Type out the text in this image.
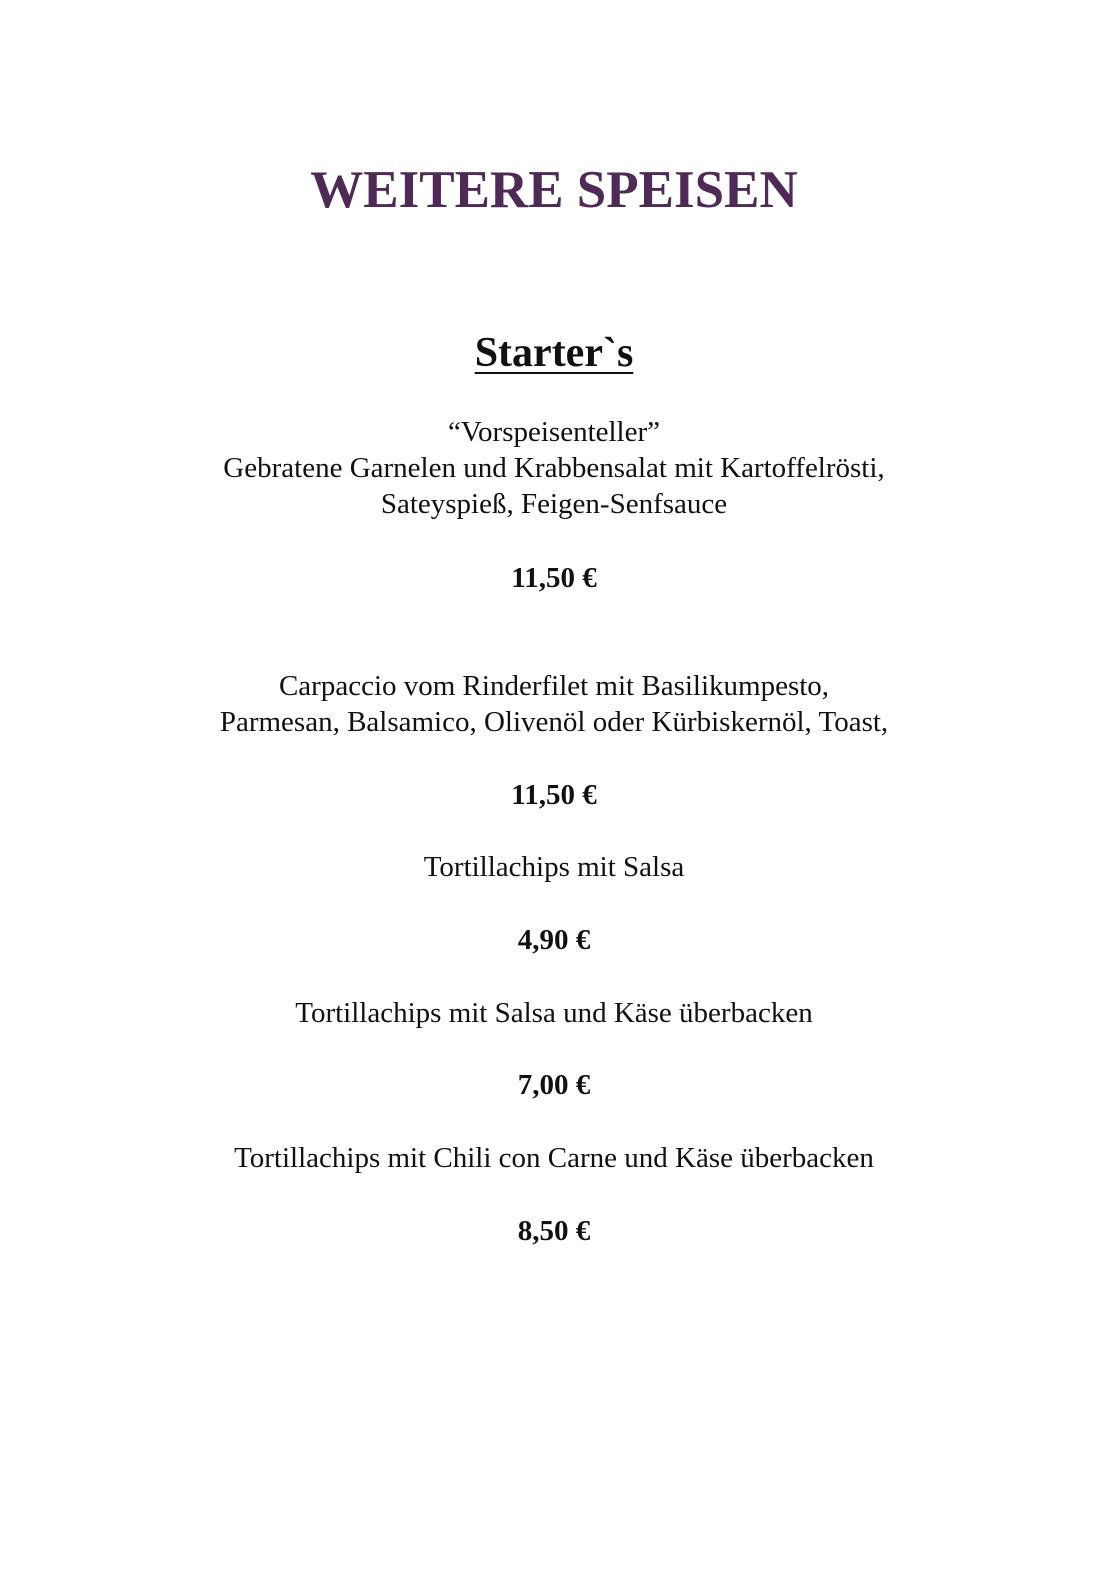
WEITERE SPEISEN
Starter`s
“Vorspeisenteller”
Gebratene Garnelen und Krabbensalat mit Kartoffelrösti,
Sateyspieß, Feigen-Senfsauce
11,50 €
Carpaccio vom Rinderfilet mit Basilikumpesto,
Parmesan, Balsamico, Olivenöl oder Kürbiskernöl, Toast,
11,50 €
Tortillachips mit Salsa
4,90 €
Tortillachips mit Salsa und Käse überbacken
7,00 €
Tortillachips mit Chili con Carne und Käse überbacken
8,50 €
